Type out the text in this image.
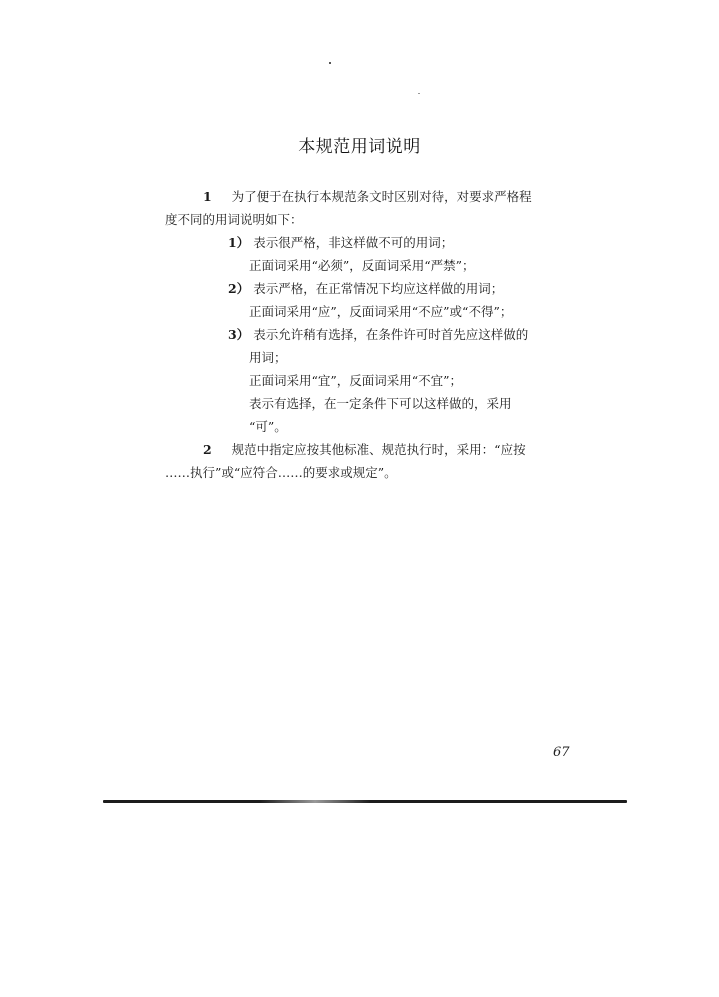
本规范用词说明
1 为了便于在执行本规范条文时区别对待，对要求严格程
度不同的用词说明如下：
1） 表示很严格，非这样做不可的用词；
正面词采用“必须”，反面词采用“严禁”；
2） 表示严格，在正常情况下均应这样做的用词；
正面词采用“应”，反面词采用“不应”或“不得”；
3） 表示允许稍有选择，在条件许可时首先应这样做的
用词；
正面词采用“宜”，反面词采用“不宜”；
表示有选择，在一定条件下可以这样做的，采用
“可”。
2 规范中指定应按其他标准、规范执行时，采用：“应按
……执行”或“应符合……的要求或规定”。
67
